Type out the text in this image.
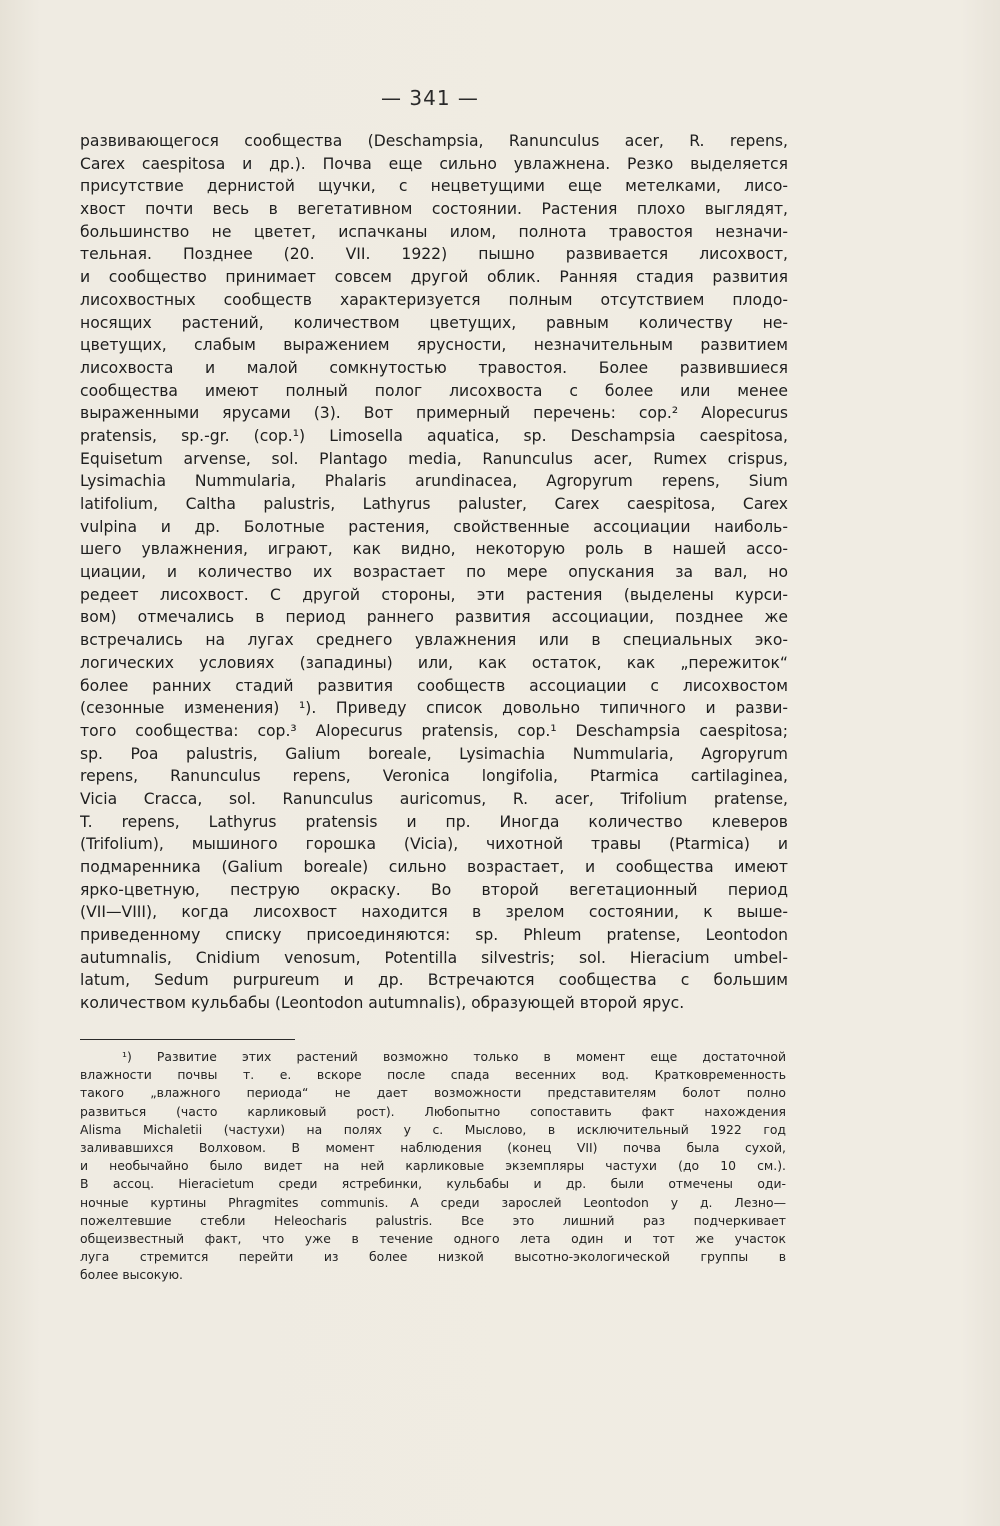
— 341 —
развивающегося сообщества (Deschampsia, Ranunculus acer, R. repens,
Carex caespitosa и др.). Почва еще сильно увлажнена. Резко выделяется
присутствие дернистой щучки, с нецветущими еще метелками, лисо-
хвост почти весь в вегетативном состоянии. Растения плохо выглядят,
большинство не цветет, испачканы илом, полнота травостоя незначи-
тельная. Позднее (20. VII. 1922) пышно развивается лисохвост,
и сообщество принимает совсем другой облик. Ранняя стадия развития
лисохвостных сообществ характеризуется полным отсутствием плодо-
носящих растений, количеством цветущих, равным количеству не-
цветущих, слабым выражением ярусности, незначительным развитием
лисохвоста и малой сомкнутостью травостоя. Более развившиеся
сообщества имеют полный полог лисохвоста с более или менее
выраженными ярусами (3). Вот примерный перечень: cop.² Alopecurus
pratensis, sp.-gr. (cop.¹) Limosella aquatica, sp. Deschampsia caespitosa,
Equisetum arvense, sol. Plantago media, Ranunculus acer, Rumex crispus,
Lysimachia Nummularia, Phalaris arundinacea, Agropyrum repens, Sium
latifolium, Caltha palustris, Lathyrus paluster, Carex caespitosa, Carex
vulpina и др. Болотные растения, свойственные ассоциации наиболь-
шего увлажнения, играют, как видно, некоторую роль в нашей ассо-
циации, и количество их возрастает по мере опускания за вал, но
редеет лисохвост. С другой стороны, эти растения (выделены курси-
вом) отмечались в период раннего развития ассоциации, позднее же
встречались на лугах среднего увлажнения или в специальных эко-
логических условиях (западины) или, как остаток, как „пережиток“
более ранних стадий развития сообществ ассоциации с лисохвостом
(сезонные изменения) ¹). Приведу список довольно типичного и разви-
того сообщества: cop.³ Alopecurus pratensis, cop.¹ Deschampsia caespitosa;
sp. Poa palustris, Galium boreale, Lysimachia Nummularia, Agropyrum
repens, Ranunculus repens, Veronica longifolia, Ptarmica cartilaginea,
Vicia Cracca, sol. Ranunculus auricomus, R. acer, Trifolium pratense,
T. repens, Lathyrus pratensis и пр. Иногда количество клеверов
(Trifolium), мышиного горошка (Vicia), чихотной травы (Ptarmica) и
подмаренника (Galium boreale) сильно возрастает, и сообщества имеют
ярко-цветную, пеструю окраску. Во второй вегетационный период
(VII—VIII), когда лисохвост находится в зрелом состоянии, к выше-
приведенному списку присоединяются: sp. Phleum pratense, Leontodon
autumnalis, Cnidium venosum, Potentilla silvestris; sol. Hieracium umbel-
latum, Sedum purpureum и др. Встречаются сообщества с большим
количеством кульбабы (Leontodon autumnalis), образующей второй ярус.
¹) Развитие этих растений возможно только в момент еще достаточной
влажности почвы т. е. вскоре после спада весенних вод. Кратковременность
такого „влажного периода“ не дает возможности представителям болот полно
развиться (часто карликовый рост). Любопытно сопоставить факт нахождения
Alisma Michaletii (частухи) на полях у с. Мыслово, в исключительный 1922 год
заливавшихся Волховом. В момент наблюдения (конец VII) почва была сухой,
и необычайно было видет на ней карликовые экземпляры частухи (до 10 см.).
В ассоц. Hieracietum среди ястребинки, кульбабы и др. были отмечены оди-
ночные куртины Phragmites communis. А среди зарослей Leontodon у д. Лезно—
пожелтевшие стебли Heleocharis palustris. Все это лишний раз подчеркивает
общеизвестный факт, что уже в течение одного лета один и тот же участок
луга стремится перейти из более низкой высотно-экологической группы в
более высокую.
